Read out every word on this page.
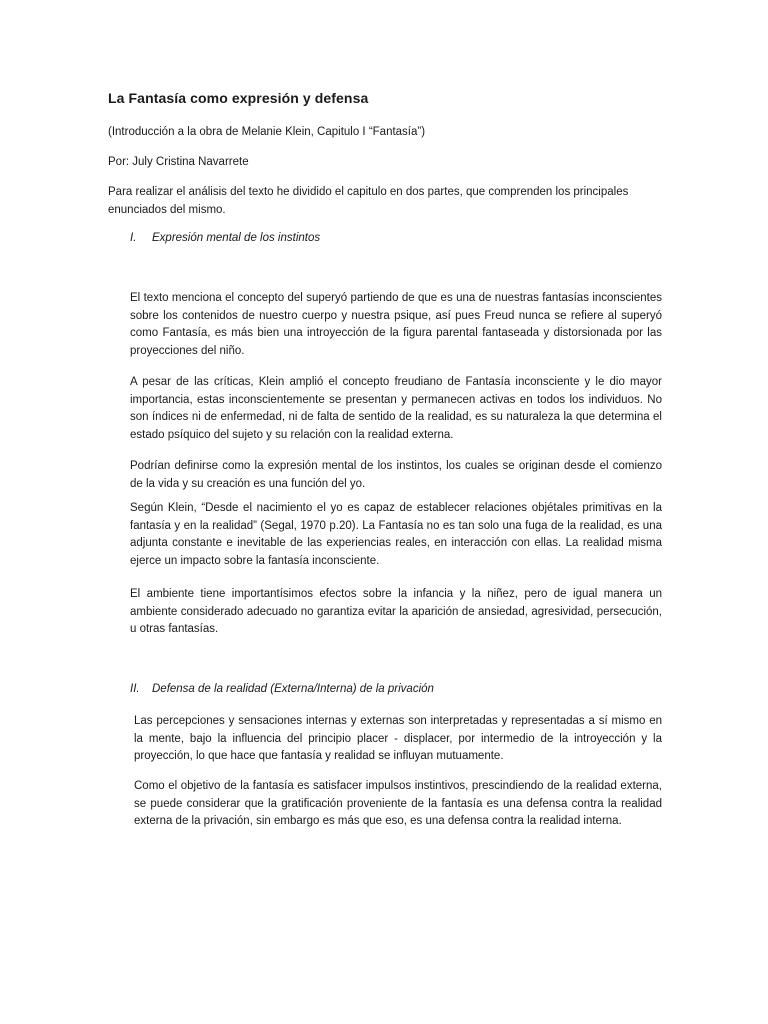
La Fantasía como expresión y defensa
(Introducción a la obra de Melanie Klein, Capitulo I “Fantasía”)
Por: July Cristina Navarrete
Para realizar el análisis del texto he dividido el capitulo en dos partes, que comprenden los principales enunciados del mismo.
I. Expresión mental de los instintos
El texto menciona el concepto del superyó partiendo de que es una de nuestras fantasías inconscientes sobre los contenidos de nuestro cuerpo y nuestra psique, así pues Freud nunca se refiere al superyó como Fantasía, es más bien una introyección de la figura parental fantaseada y distorsionada por las proyecciones del niño.
A pesar de las críticas, Klein amplió el concepto freudiano de Fantasía inconsciente y le dio mayor importancia, estas inconscientemente se presentan y permanecen activas en todos los individuos. No son índices ni de enfermedad, ni de falta de sentido de la realidad, es su naturaleza la que determina el estado psíquico del sujeto y su relación con la realidad externa.
Podrían definirse como la expresión mental de los instintos, los cuales se originan desde el comienzo de la vida y su creación es una función del yo.
Según Klein, “Desde el nacimiento el yo es capaz de establecer relaciones objétales primitivas en la fantasía y en la realidad” (Segal, 1970 p.20). La Fantasía no es tan solo una fuga de la realidad, es una adjunta constante e inevitable de las experiencias reales, en interacción con ellas. La realidad misma ejerce un impacto sobre la fantasía inconsciente.
El ambiente tiene importantísimos efectos sobre la infancia y la niñez, pero de igual manera un ambiente considerado adecuado no garantiza evitar la aparición de ansiedad, agresividad, persecución, u otras fantasías.
II. Defensa de la realidad (Externa/Interna) de la privación
Las percepciones y sensaciones internas y externas son interpretadas y representadas a sí mismo en la mente, bajo la influencia del principio placer - displacer, por intermedio de la introyección y la proyección, lo que hace que fantasía y realidad se influyan mutuamente.
Como el objetivo de la fantasía es satisfacer impulsos instintivos, prescindiendo de la realidad externa, se puede considerar que la gratificación proveniente de la fantasía es una defensa contra la realidad externa de la privación, sin embargo es más que eso, es una defensa contra la realidad interna.
